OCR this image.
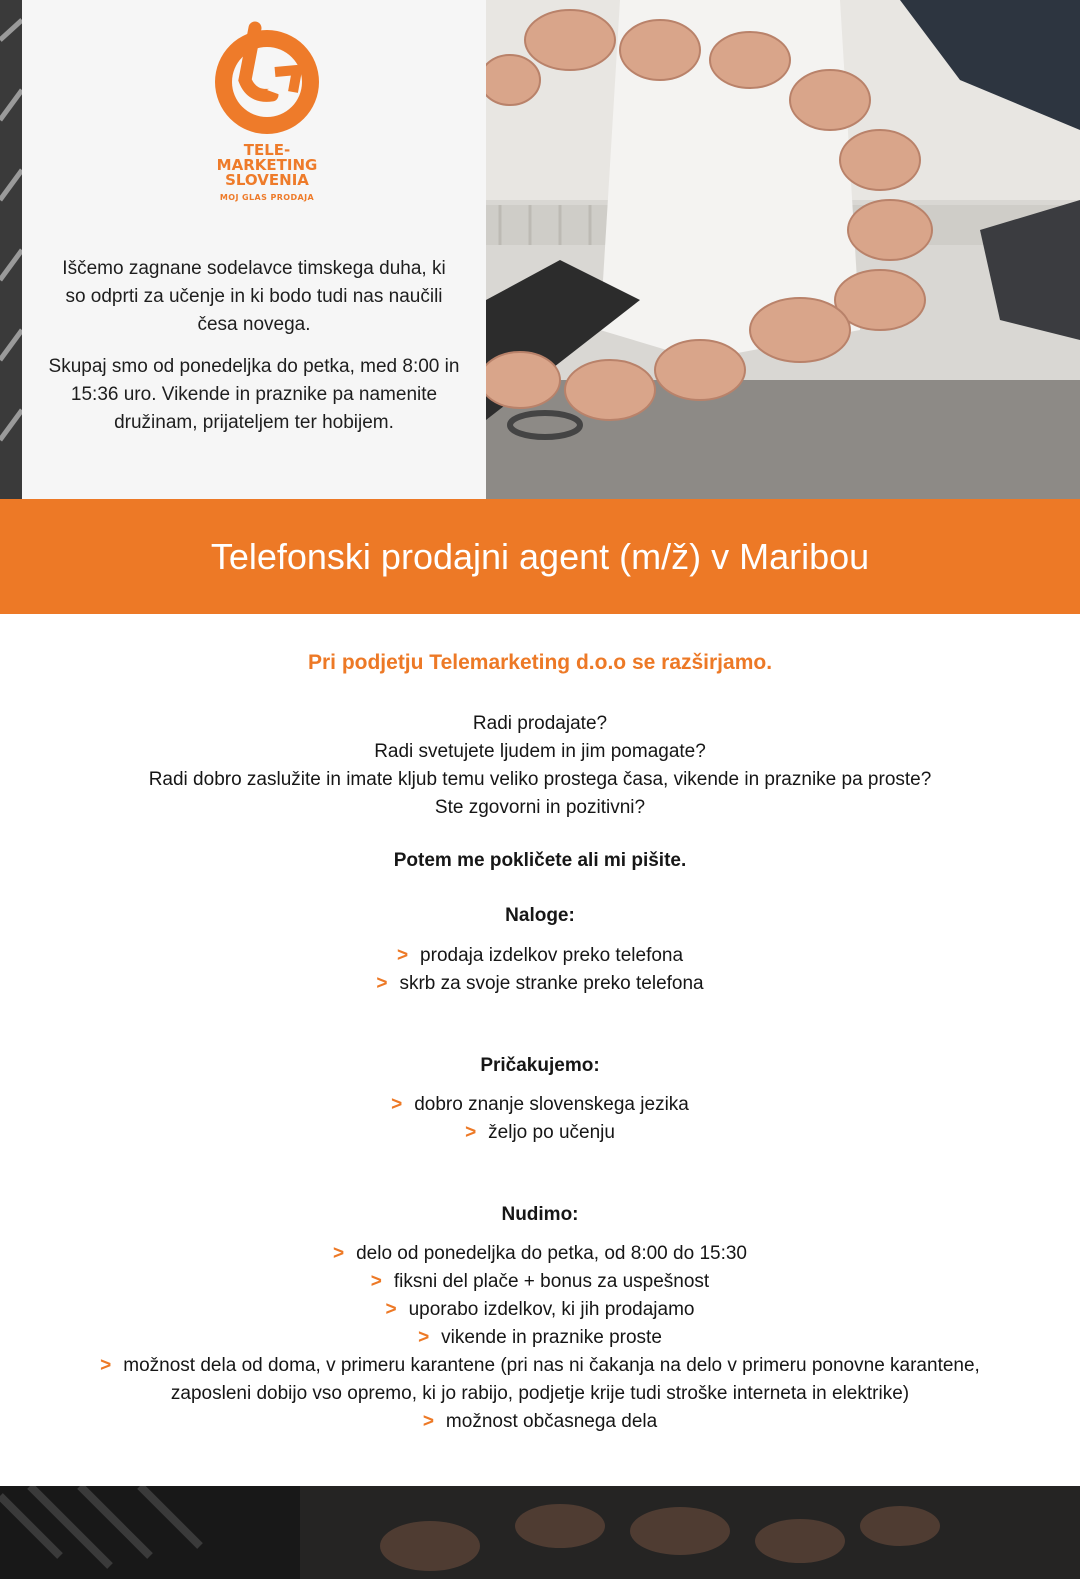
TELE-
MARKETING
SLOVENIA
MOJ GLAS PRODAJA
Iščemo zagnane sodelavce timskega duha, ki so odprti za učenje in ki bodo tudi nas naučili česa novega.
Skupaj smo od ponedeljka do petka, med 8:00 in 15:36 uro. Vikende in praznike pa namenite družinam, prijateljem ter hobijem.
Telefonski prodajni agent (m/ž) v Maribou
Pri podjetju Telemarketing d.o.o se razširjamo.
Radi prodajate?
Radi svetujete ljudem in jim pomagate?
Radi dobro zaslužite in imate kljub temu veliko prostega časa, vikende in praznike pa proste?
Ste zgovorni in pozitivni?
Potem me pokličete ali mi pišite.
Naloge:
> prodaja izdelkov preko telefona
> skrb za svoje stranke preko telefona
Pričakujemo:
> dobro znanje slovenskega jezika
> željo po učenju
Nudimo:
> delo od ponedeljka do petka, od 8:00 do 15:30
> fiksni del plače + bonus za uspešnost
> uporabo izdelkov, ki jih prodajamo
> vikende in praznike proste
> možnost dela od doma, v primeru karantene (pri nas ni čakanja na delo v primeru ponovne karantene,
zaposleni dobijo vso opremo, ki jo rabijo, podjetje krije tudi stroške interneta in elektrike)
> možnost občasnega dela
